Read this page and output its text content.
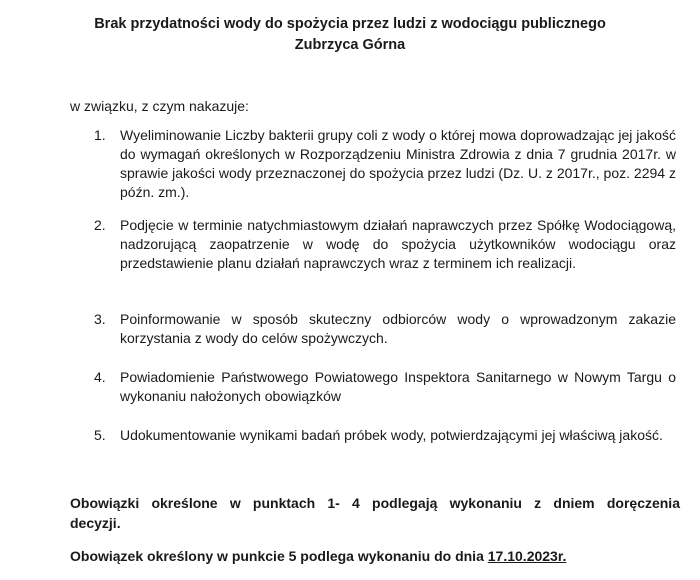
Brak przydatności wody do spożycia przez ludzi z wodociągu publicznego
Zubrzyca Górna
w związku, z czym nakazuje:
1.	Wyeliminowanie Liczby bakterii grupy coli z wody o której mowa doprowadzając jej jakość do wymagań określonych w Rozporządzeniu Ministra Zdrowia z dnia 7 grudnia 2017r. w sprawie jakości wody przeznaczonej do spożycia przez ludzi (Dz. U. z 2017r., poz. 2294 z późn. zm.).
2.	Podjęcie w terminie natychmiastowym działań naprawczych przez Spółkę Wodociągową, nadzorującą zaopatrzenie w wodę do spożycia użytkowników wodociągu oraz przedstawienie planu działań naprawczych wraz z terminem ich realizacji.
3.	Poinformowanie w sposób skuteczny odbiorców wody o wprowadzonym zakazie korzystania z wody do celów spożywczych.
4.	Powiadomienie Państwowego Powiatowego Inspektora Sanitarnego w Nowym Targu o wykonaniu nałożonych obowiązków
5.	Udokumentowanie wynikami badań próbek wody, potwierdzającymi jej właściwą jakość.
Obowiązki określone w punktach 1- 4 podlegają wykonaniu z dniem doręczenia
decyzji.
Obowiązek określony w punkcie 5 podlega wykonaniu do dnia 17.10.2023r.
